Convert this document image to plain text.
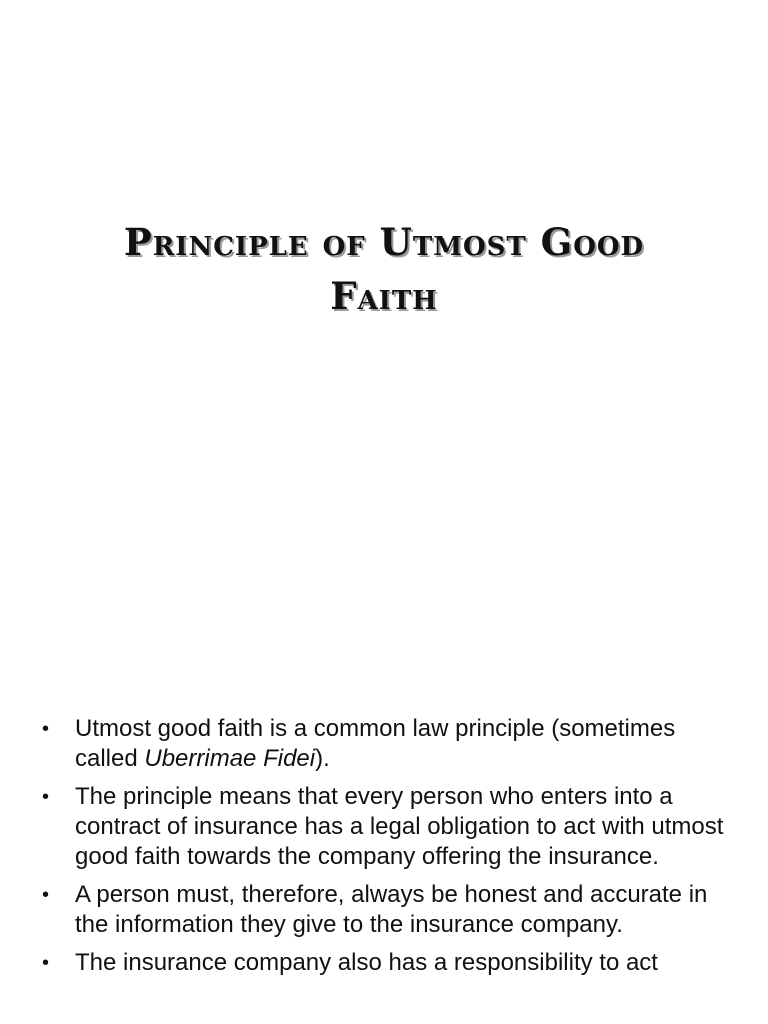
Principle of Utmost Good
Faith
• Utmost good faith is a common law principle (sometimes called Uberrimae Fidei).
• The principle means that every person who enters into a contract of insurance has a legal obligation to act with utmost good faith towards the company offering the insurance.
• A person must, therefore, always be honest and accurate in the information they give to the insurance company.
• The insurance company also has a responsibility to act
